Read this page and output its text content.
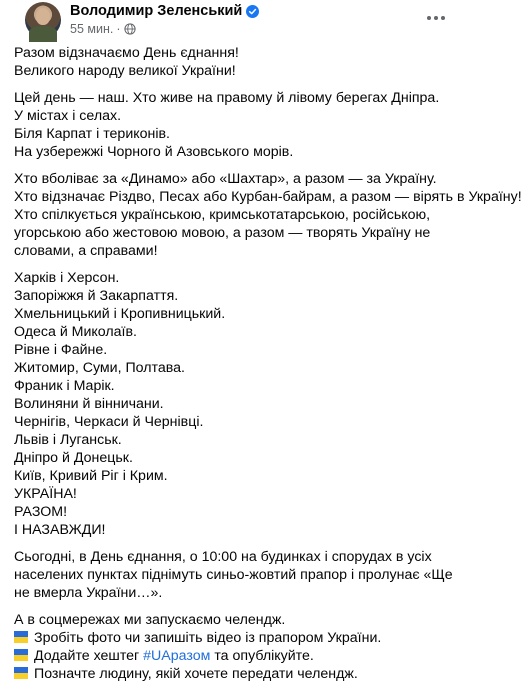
Володимир Зеленський
55 мин. ·
Разом відзначаємо День єднання!
Великого народу великої України!
Цей день — наш. Хто живе на правому й лівому берегах Дніпра.
У містах і селах.
Біля Карпат і териконів.
На узбережжі Чорного й Азовського морів.
Хто вболіває за «Динамо» або «Шахтар», а разом — за Україну.
Хто відзначає Різдво, Песах або Курбан-байрам, а разом — вірять в Україну!
Хто спілкується українською, кримськотатарською, російською, угорською або жестовою мовою, а разом — творять Україну не словами, а справами!
Харків і Херсон.
Запоріжжя й Закарпаття.
Хмельницький і Кропивницький.
Одеса й Миколаїв.
Рівне і Файне.
Житомир, Суми, Полтава.
Франик і Марік.
Волиняни й вінничани.
Чернігів, Черкаси й Чернівці.
Львів і Луганськ.
Дніпро й Донецьк.
Київ, Кривий Ріг і Крим.
УКРАЇНА!
РАЗОМ!
І НАЗАВЖДИ!
Сьогодні, в День єднання, о 10:00 на будинках і спорудах в усіх населених пунктах піднімуть синьо-жовтий прапор і пролунає «Ще не вмерла України…».
А в соцмережах ми запускаємо челендж.
Зробіть фото чи запишіть відео із прапором України.
Додайте хештег #UАразом та опублікуйте.
Позначте людину, якій хочете передати челендж.
